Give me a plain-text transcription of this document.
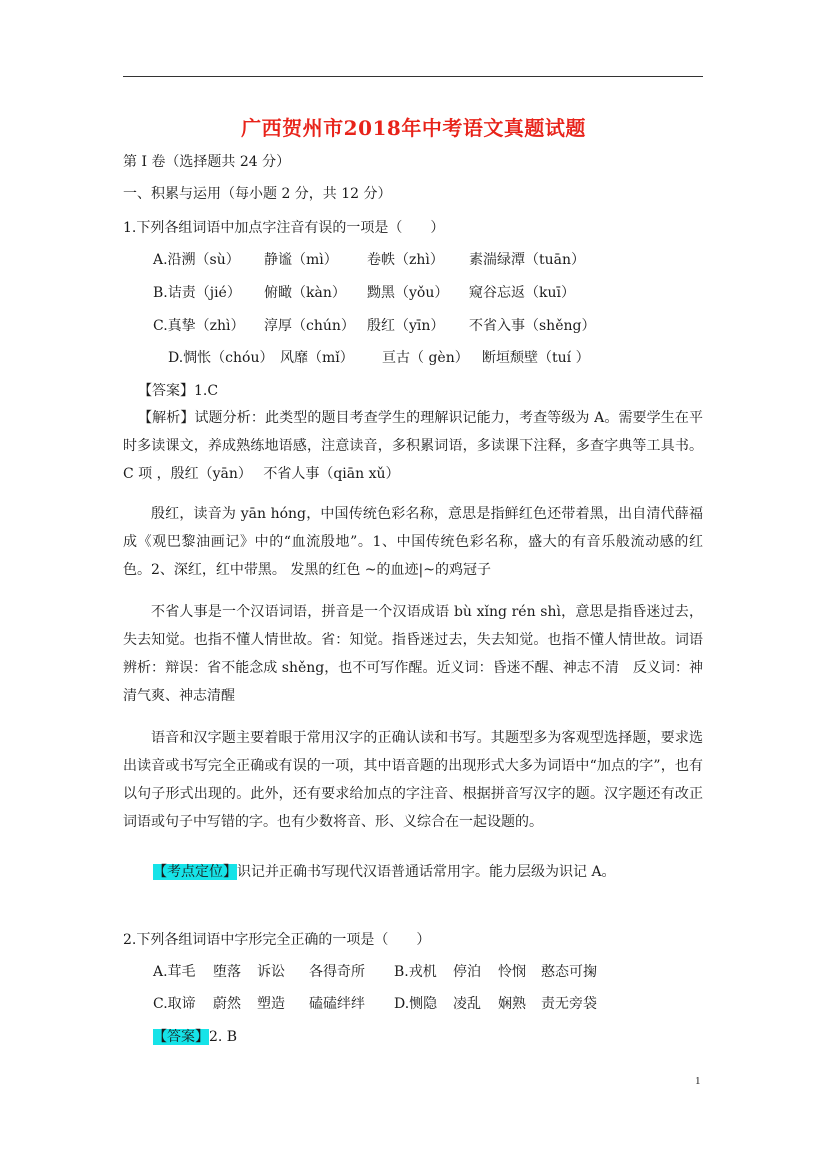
广西贺州市2018年中考语文真题试题
第 I 卷（选择题共 24 分）
一、积累与运用（每小题 2 分，共 12 分）
1.下列各组词语中加点字注音有误的一项是（　　）
A.沿溯（sù） 静谧（mì） 卷帙（zhì） 素湍绿潭（tuān）
B.诘责（jié） 俯瞰（kàn） 黝黑（yǒu） 窥谷忘返（kuī）
C.真挚（zhì） 淳厚（chún） 殷红（yīn） 不省入事（shěng）
D.惆怅（chóu） 风靡（mǐ） 亘古（ gèn） 断垣颓壁（tuí ）
【答案】1.C
【解析】试题分析：此类型的题目考查学生的理解识记能力，考查等级为 A。需要学生在平时多读课文，养成熟练地语感，注意读音，多积累词语，多读课下注释，多查字典等工具书。C 项 ，殷红（yān）　 不省人事（qiān xǔ）
殷红，读音为 yān hóng，中国传统色彩名称，意思是指鲜红色还带着黑，出自清代薛福成《观巴黎油画记》中的“血流殷地”。1、中国传统色彩名称，盛大的有音乐般流动感的红色。2、深红，红中带黑。 发黑的红色 ~的血迹|~的鸡冠子
不省人事是一个汉语词语，拼音是一个汉语成语 bù xǐng rén shì，意思是指昏迷过去，失去知觉。也指不懂人情世故。省：知觉。指昏迷过去，失去知觉。也指不懂人情世故。词语辨析：辩误：省不能念成 shěng，也不可写作醒。近义词：昏迷不醒、神志不清　反义词：神清气爽、神志清醒
语音和汉字题主要着眼于常用汉字的正确认读和书写。其题型多为客观型选择题，要求选出读音或书写完全正确或有误的一项，其中语音题的出现形式大多为词语中“加点的字”，也有以句子形式出现的。此外，还有要求给加点的字注音、根据拼音写汉字的题。汉字题还有改正词语或句子中写错的字。也有少数将音、形、义综合在一起设题的。
【考点定位】识记并正确书写现代汉语普通话常用字。能力层级为识记 A。
2.下列各组词语中字形完全正确的一项是（　　）
A.茸毛 堕落 诉讼 各得奇所 B.戎机 停泊 怜悯 憨态可掬
C.取谛 蔚然 塑造 磕磕绊绊 D.恻隐 凌乱 娴熟 责无旁袋
【答案】2. B
1
